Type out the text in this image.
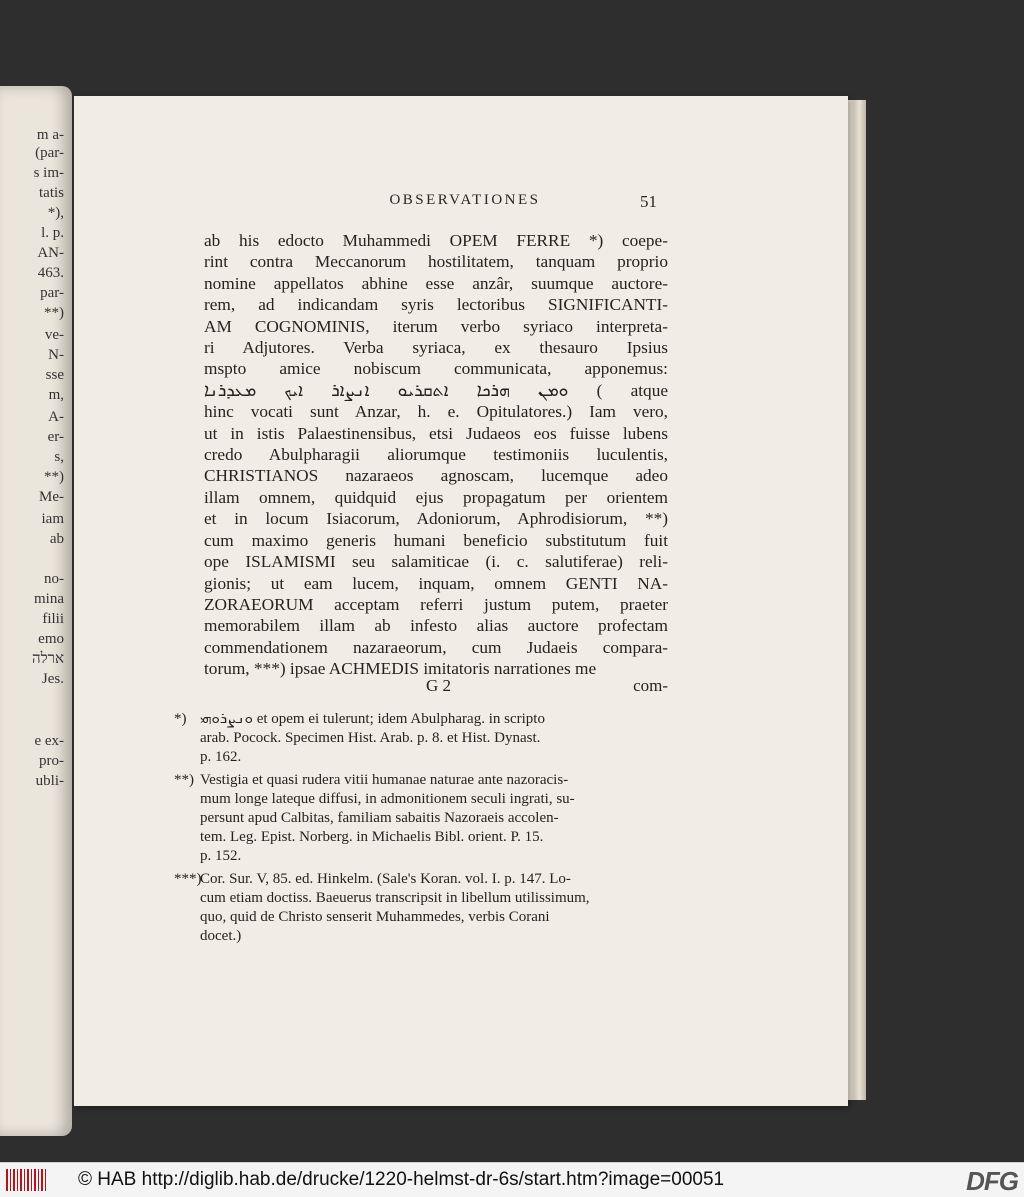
m a-
(par-
s im-
tatis
*),
l. p.
AN-
463.
par-
**)
ve-
N-
sse
m,
A-
er-
s,
**)
Me-
iam
ab
no-
mina
filii
emo
ארלה
Jes.
e ex-
pro-
ubli-
OBSERVATIONES	51
ab his edocto Muhammedi OPEM FERRE *) coepe-
rint contra Meccanorum hostilitatem, tanquam proprio
nomine appellatos abhine esse anzâr, suumque auctore-
rem, ad indicandam syris lectoribus SIGNIFICANTI-
AM COGNOMINIS, iterum verbo syriaco interpreta-
ri Adjutores. Verba syriaca, ex thesauro Ipsius
mspto amice nobiscum communicata, apponemus:
ܘܡܢ ܗܪܟܐ ܐܬܩܪܝܘ ܐܢܨܐܪ ܐܝܟ ܡܥܕܪܢܐ ( atque
hinc vocati sunt Anzar, h. e. Opitulatores.) Iam vero,
ut in istis Palaestinensibus, etsi Judaeos eos fuisse lubens
credo Abulpharagii aliorumque testimoniis luculentis,
CHRISTIANOS nazaraeos agnoscam, lucemque adeo
illam omnem, quidquid ejus propagatum per orientem
et in locum Isiacorum, Adoniorum, Aphrodisiorum, **)
cum maximo generis humani beneficio substitutum fuit
ope ISLAMISMI seu salamiticae (i. c. salutiferae) reli-
gionis; ut eam lucem, inquam, omnem GENTI NA-
ZORAEORUM acceptam referri justum putem, praeter
memorabilem illam ab infesto alias auctore profectam
commendationem nazaraeorum, cum Judaeis compara-
torum, ***) ipsae ACHMEDIS imitatoris narrationes me
G 2	com-
*) ܘܢܨܪܘܗܝ et opem ei tulerunt; idem Abulpharag. in scripto
arab. Pocock. Specimen Hist. Arab. p. 8. et Hist. Dynast.
p. 162.
**) Vestigia et quasi rudera vitii humanae naturae ante nazoracis-
mum longe lateque diffusi, in admonitionem seculi ingrati, su-
persunt apud Calbitas, familiam sabaitis Nazoraeis accolen-
tem. Leg. Epist. Norberg. in Michaelis Bibl. orient. P. 15.
p. 152.
***)
Cor. Sur. V, 85. ed. Hinkelm. (Sale's Koran. vol. I. p. 147. Lo-
cum etiam doctiss. Baeuerus transcripsit in libellum utilissimum,
quo, quid de Christo senserit Muhammedes, verbis Corani
docet.)
© HAB http://diglib.hab.de/drucke/1220-helmst-dr-6s/start.htm?image=00051	DFG
